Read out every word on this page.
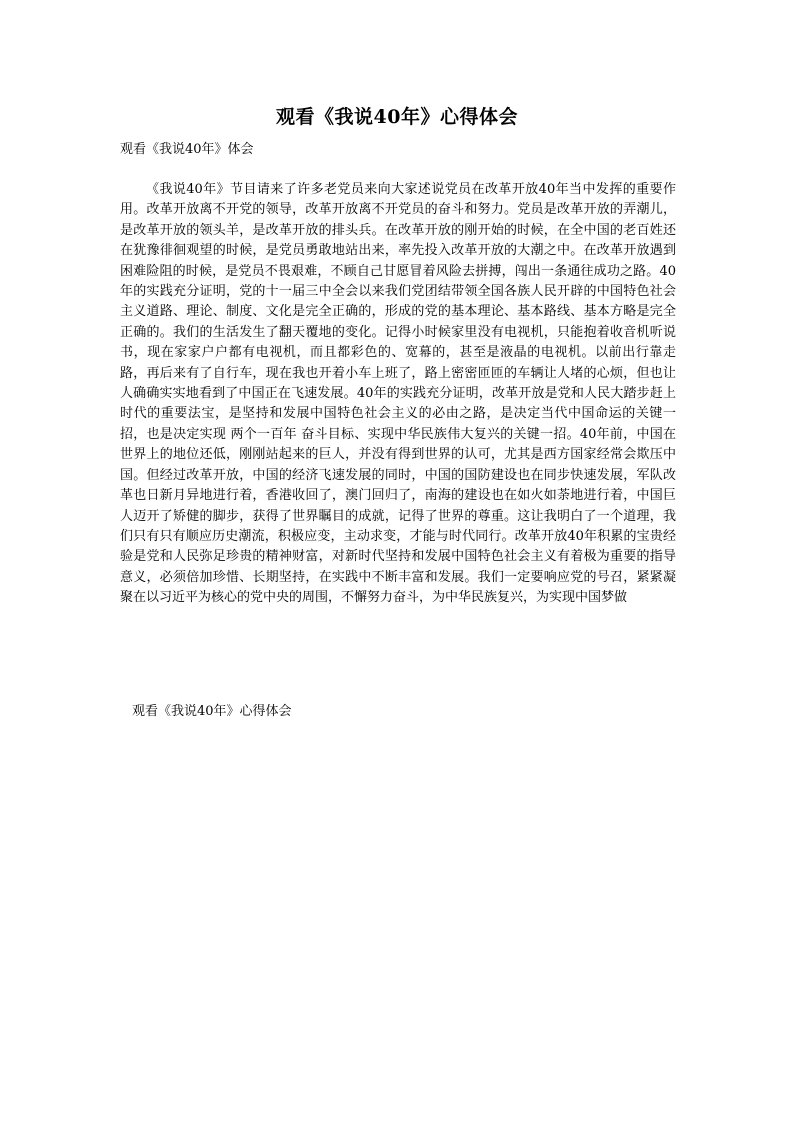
观看《我说40年》心得体会
观看《我说40年》体会

《我说40年》节目请来了许多老党员来向大家述说党员在改革开放40年当中发挥的重要作用。改革开放离不开党的领导，改革开放离不开党员的奋斗和努力。党员是改革开放的弄潮儿，是改革开放的领头羊，是改革开放的排头兵。在改革开放的刚开始的时候，在全中国的老百姓还在犹豫徘徊观望的时候，是党员勇敢地站出来，率先投入改革开放的大潮之中。在改革开放遇到困难险阻的时候，是党员不畏艰难，不顾自己甘愿冒着风险去拼搏，闯出一条通往成功之路。40年的实践充分证明，党的十一届三中全会以来我们党团结带领全国各族人民开辟的中国特色社会主义道路、理论、制度、文化是完全正确的，形成的党的基本理论、基本路线、基本方略是完全正确的。我们的生活发生了翻天覆地的变化。记得小时候家里没有电视机，只能抱着收音机听说书，现在家家户户都有电视机，而且都彩色的、宽幕的，甚至是液晶的电视机。以前出行靠走路，再后来有了自行车，现在我也开着小车上班了，路上密密匝匝的车辆让人堵的心烦，但也让人确确实实地看到了中国正在飞速发展。40年的实践充分证明，改革开放是党和人民大踏步赶上时代的重要法宝，是坚持和发展中国特色社会主义的必由之路，是决定当代中国命运的关键一招，也是决定实现 两个一百年 奋斗目标、实现中华民族伟大复兴的关键一招。40年前，中国在世界上的地位还低，刚刚站起来的巨人，并没有得到世界的认可，尤其是西方国家经常会欺压中国。但经过改革开放，中国的经济飞速发展的同时，中国的国防建设也在同步快速发展，军队改革也日新月异地进行着，香港收回了，澳门回归了，南海的建设也在如火如荼地进行着，中国巨人迈开了矫健的脚步，获得了世界瞩目的成就，记得了世界的尊重。这让我明白了一个道理，我们只有只有顺应历史潮流，积极应变，主动求变，才能与时代同行。改革开放40年积累的宝贵经验是党和人民弥足珍贵的精神财富，对新时代坚持和发展中国特色社会主义有着极为重要的指导意义，必须倍加珍惜、长期坚持，在实践中不断丰富和发展。我们一定要响应党的号召，紧紧凝聚在以习近平为核心的党中央的周围，不懈努力奋斗，为中华民族复兴，为实现中国梦做

观看《我说40年》心得体会
